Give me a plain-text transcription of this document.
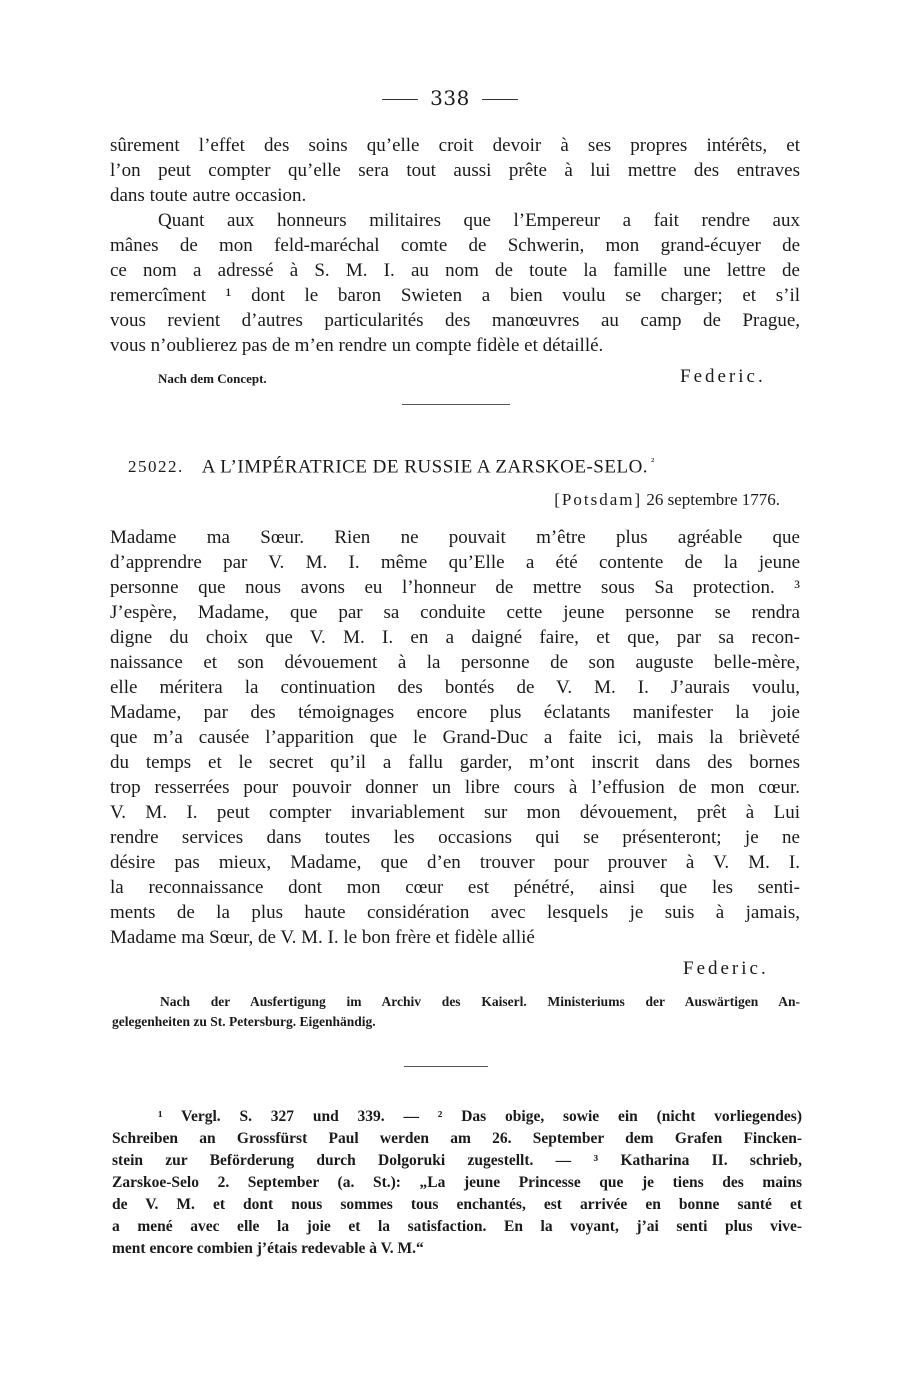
338
sûrement l’effet des soins qu’elle croit devoir à ses propres intérêts, et
l’on peut compter qu’elle sera tout aussi prête à lui mettre des entraves
dans toute autre occasion.
Quant aux honneurs militaires que l’Empereur a fait rendre aux
mânes de mon feld-maréchal comte de Schwerin, mon grand-écuyer de
ce nom a adressé à S. M. I. au nom de toute la famille une lettre de
remercîment ¹ dont le baron Swieten a bien voulu se charger; et s’il
vous revient d’autres particularités des manœuvres au camp de Prague,
vous n’oublierez pas de m’en rendre un compte fidèle et détaillé.
Nach dem Concept.	Federic.
25022. A L’IMPÉRATRICE DE RUSSIE A ZARSKOE-SELO. $^{^2}$
[Potsdam] 26 septembre 1776.
Madame ma Sœur. Rien ne pouvait m’être plus agréable que
d’apprendre par V. M. I. même qu’Elle a été contente de la jeune
personne que nous avons eu l’honneur de mettre sous Sa protection. ³
J’espère, Madame, que par sa conduite cette jeune personne se rendra
digne du choix que V. M. I. en a daigné faire, et que, par sa recon-
naissance et son dévouement à la personne de son auguste belle-mère,
elle méritera la continuation des bontés de V. M. I. J’aurais voulu,
Madame, par des témoignages encore plus éclatants manifester la joie
que m’a causée l’apparition que le Grand-Duc a faite ici, mais la brièveté
du temps et le secret qu’il a fallu garder, m’ont inscrit dans des bornes
trop resserrées pour pouvoir donner un libre cours à l’effusion de mon cœur.
V. M. I. peut compter invariablement sur mon dévouement, prêt à Lui
rendre services dans toutes les occasions qui se présenteront; je ne
désire pas mieux, Madame, que d’en trouver pour prouver à V. M. I.
la reconnaissance dont mon cœur est pénétré, ainsi que les senti-
ments de la plus haute considération avec lesquels je suis à jamais,
Madame ma Sœur, de V. M. I. le bon frère et fidèle allié
Federic.
Nach der Ausfertigung im Archiv des Kaiserl. Ministeriums der Auswärtigen An-
gelegenheiten zu St. Petersburg. Eigenhändig.
¹ Vergl. S. 327 und 339. — ² Das obige, sowie ein (nicht vorliegendes)
Schreiben an Grossfürst Paul werden am 26. September dem Grafen Fincken-
stein zur Beförderung durch Dolgoruki zugestellt. — ³ Katharina II. schrieb,
Zarskoe-Selo 2. September (a. St.): „La jeune Princesse que je tiens des mains
de V. M. et dont nous sommes tous enchantés, est arrivée en bonne santé et
a mené avec elle la joie et la satisfaction. En la voyant, j’ai senti plus vive-
ment encore combien j’étais redevable à V. M.“
